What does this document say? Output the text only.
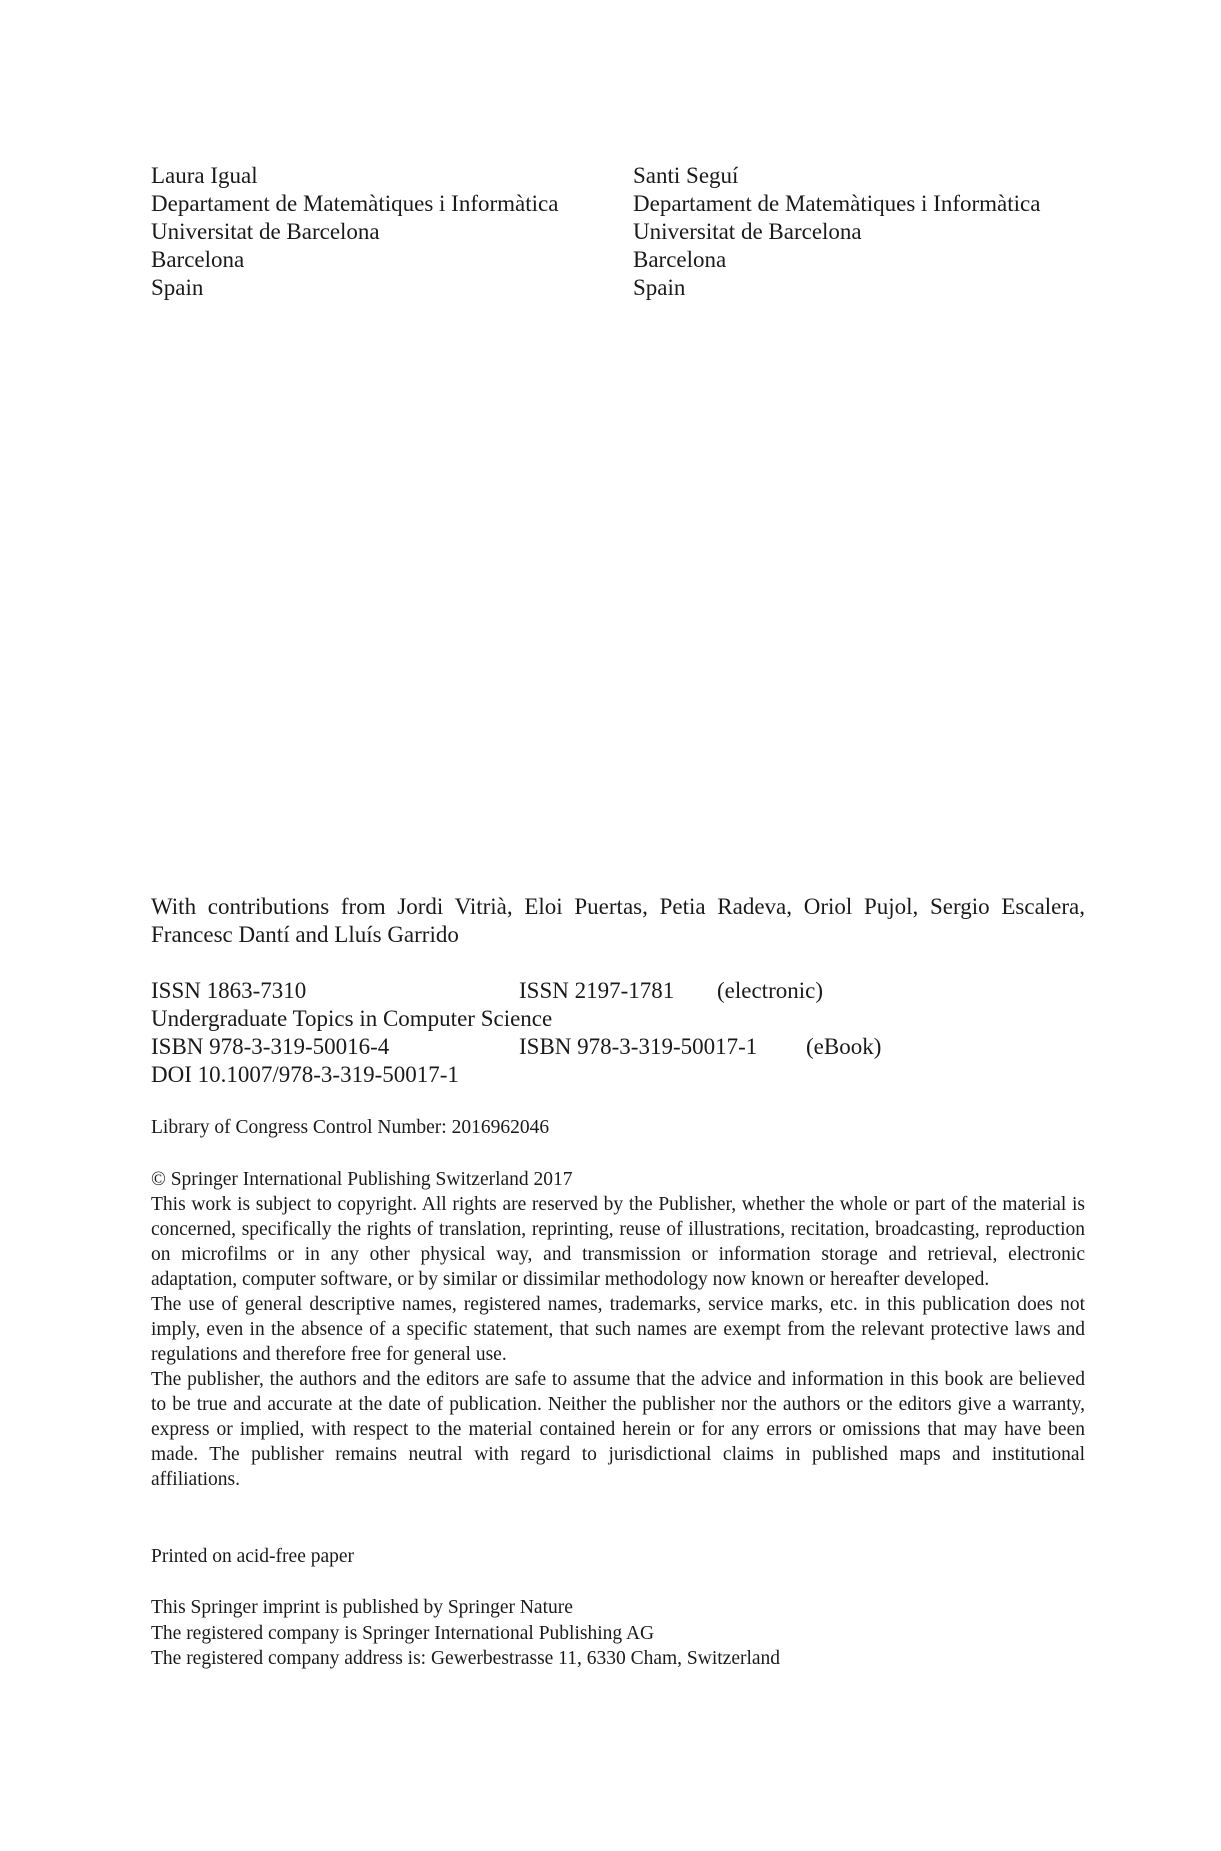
Laura Igual
Departament de Matemàtiques i Informàtica
Universitat de Barcelona
Barcelona
Spain
Santi Seguí
Departament de Matemàtiques i Informàtica
Universitat de Barcelona
Barcelona
Spain
With contributions from Jordi Vitrià, Eloi Puertas, Petia Radeva, Oriol Pujol, Sergio Escalera, Francesc Dantí and Lluís Garrido
ISSN 1863-7310	ISSN 2197-1781 (electronic)
Undergraduate Topics in Computer Science
ISBN 978-3-319-50016-4	ISBN 978-3-319-50017-1 (eBook)
DOI 10.1007/978-3-319-50017-1
Library of Congress Control Number: 2016962046

© Springer International Publishing Switzerland 2017

This work is subject to copyright. All rights are reserved by the Publisher, whether the whole or part of the material is concerned, specifically the rights of translation, reprinting, reuse of illustrations, recitation, broadcasting, reproduction on microfilms or in any other physical way, and transmission or information storage and retrieval, electronic adaptation, computer software, or by similar or dissimilar methodology now known or hereafter developed.

The use of general descriptive names, registered names, trademarks, service marks, etc. in this publication does not imply, even in the absence of a specific statement, that such names are exempt from the relevant protective laws and regulations and therefore free for general use.

The publisher, the authors and the editors are safe to assume that the advice and information in this book are believed to be true and accurate at the date of publication. Neither the publisher nor the authors or the editors give a warranty, express or implied, with respect to the material contained herein or for any errors or omissions that may have been made. The publisher remains neutral with regard to jurisdictional claims in published maps and institutional affiliations.

Printed on acid-free paper
This Springer imprint is published by Springer Nature
The registered company is Springer International Publishing AG
The registered company address is: Gewerbestrasse 11, 6330 Cham, Switzerland
